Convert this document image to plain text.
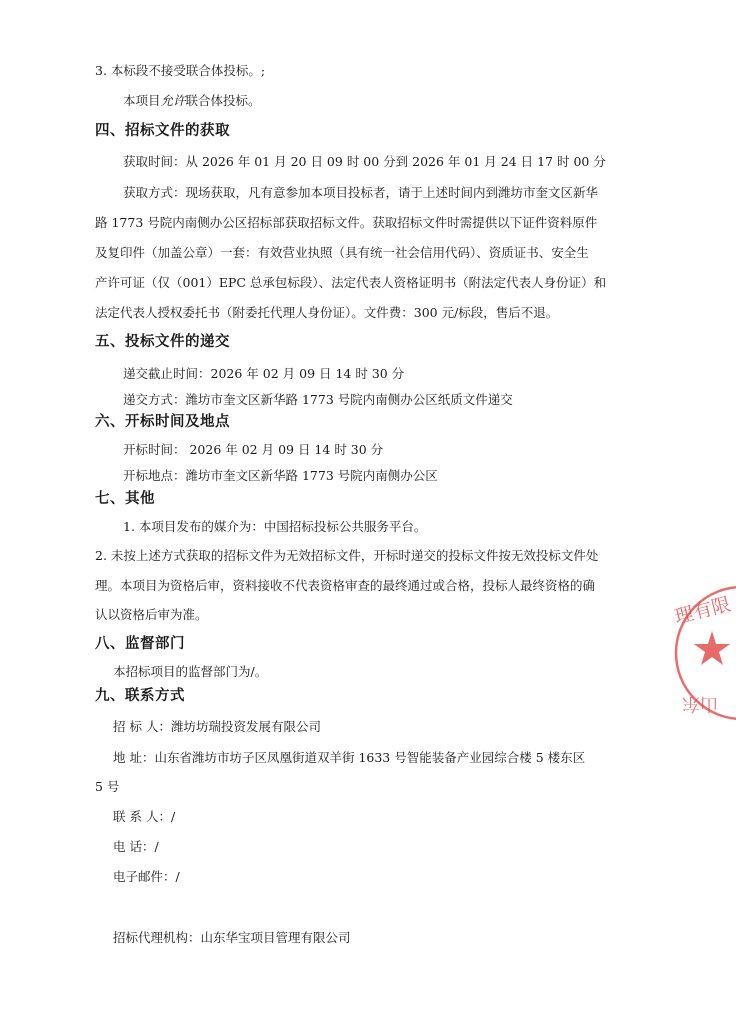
3. 本标段不接受联合体投标。;
本项目允许联合体投标。
四、招标文件的获取
获取时间：从 2026 年 01 月 20 日 09 时 00 分到 2026 年 01 月 24 日 17 时 00 分
获取方式：现场获取，凡有意参加本项目投标者，请于上述时间内到潍坊市奎文区新华
路 1773 号院内南侧办公区招标部获取招标文件。获取招标文件时需提供以下证件资料原件
及复印件（加盖公章）一套：有效营业执照（具有统一社会信用代码）、资质证书、安全生
产许可证（仅（001）EPC 总承包标段）、法定代表人资格证明书（附法定代表人身份证）和
法定代表人授权委托书（附委托代理人身份证）。文件费：300 元/标段，售后不退。
五、投标文件的递交
递交截止时间：2026 年 02 月 09 日 14 时 30 分
递交方式：潍坊市奎文区新华路 1773 号院内南侧办公区纸质文件递交
六、开标时间及地点
开标时间： 2026 年 02 月 09 日 14 时 30 分
开标地点：潍坊市奎文区新华路 1773 号院内南侧办公区
七、其他
1. 本项目发布的媒介为：中国招标投标公共服务平台。
2. 未按上述方式获取的招标文件为无效招标文件，开标时递交的投标文件按无效投标文件处
理。本项目为资格后审，资料接收不代表资格审查的最终通过或合格，投标人最终资格的确
认以资格后审为准。
八、监督部门
本招标项目的监督部门为/。
九、联系方式
招 标 人：潍坊坊瑞投资发展有限公司
地 址：山东省潍坊市坊子区凤凰街道双羊街 1633 号智能装备产业园综合楼 5 楼东区
5 号
联 系 人：/
电 话：/
电子邮件：/
招标代理机构：山东华宝项目管理有限公司
理有限
山东
